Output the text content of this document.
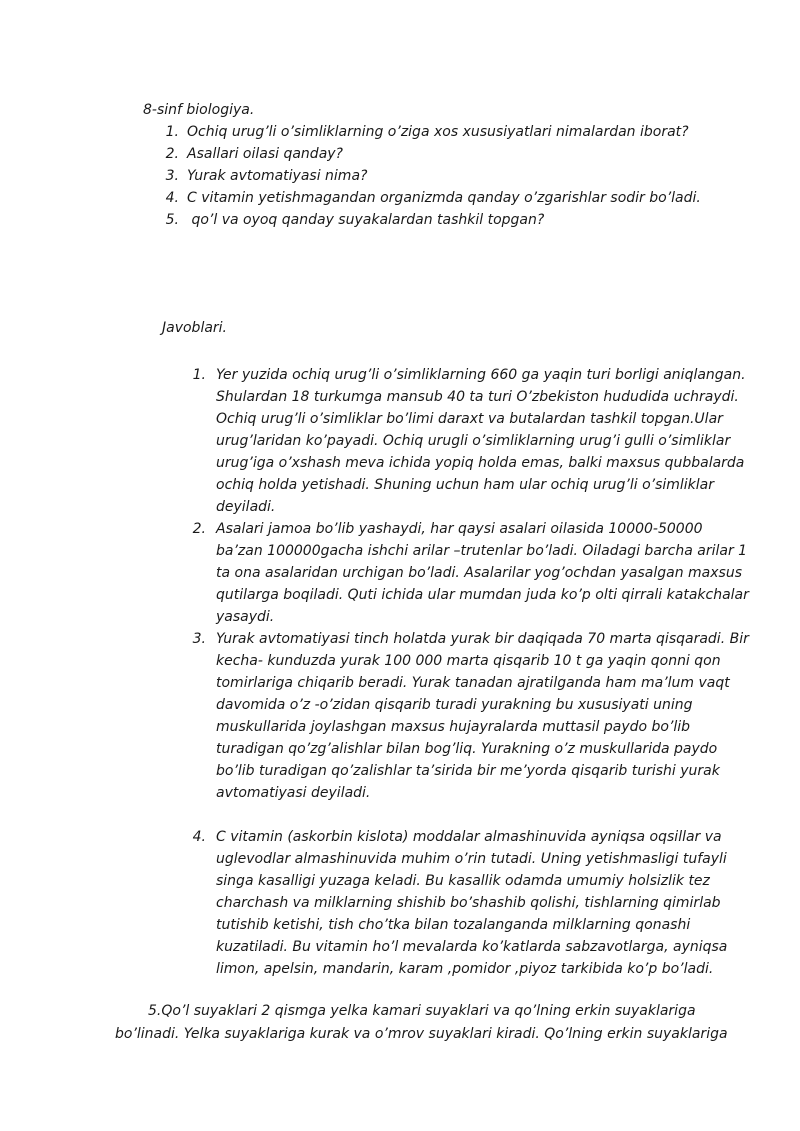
8-sinf biologiya.
1. Ochiq urug’li o’simliklarning o’ziga xos xususiyatlari nimalardan iborat?
2. Asallari oilasi qanday?
3. Yurak avtomatiyasi nima?
4. C vitamin yetishmagandan organizmda qanday o’zgarishlar sodir bo’ladi.
5. qo’l va oyoq qanday suyakalardan tashkil topgan?
Javoblari.
1. Yer yuzida ochiq urug’li o’simliklarning 660 ga yaqin turi borligi aniqlangan. Shulardan 18 turkumga mansub 40 ta turi O’zbekiston hududida uchraydi. Ochiq urug’li o’simliklar bo’limi daraxt va butalardan tashkil topgan.Ular urug’laridan ko’payadi. Ochiq urugli o’simliklarning urug’i gulli o’simliklar urug’iga o’xshash meva ichida yopiq holda emas, balki maxsus qubbalarda ochiq holda yetishadi. Shuning uchun ham ular ochiq urug’li o’simliklar deyiladi.
2. Asalari jamoa bo’lib yashaydi, har qaysi asalari oilasida 10000-50000 ba’zan 100000gacha ishchi arilar –trutenlar bo’ladi. Oiladagi barcha arilar 1 ta ona asalaridan urchigan bo’ladi. Asalarilar yog’ochdan yasalgan maxsus qutilarga boqiladi. Quti ichida ular mumdan juda ko’p olti qirrali katakchalar yasaydi.
3. Yurak avtomatiyasi tinch holatda yurak bir daqiqada 70 marta qisqaradi. Bir kecha- kunduzda yurak 100 000 marta qisqarib 10 t ga yaqin qonni qon tomirlariga chiqarib beradi. Yurak tanadan ajratilganda ham ma’lum vaqt davomida o’z -o’zidan qisqarib turadi yurakning bu xususiyati uning muskullarida joylashgan maxsus hujayralarda muttasil paydo bo’lib turadigan qo’zg’alishlar bilan bog’liq. Yurakning o’z muskullarida paydo bo’lib turadigan qo’zalishlar ta’sirida bir me’yorda qisqarib turishi yurak avtomatiyasi deyiladi.
4. C vitamin (askorbin kislota) moddalar almashinuvida ayniqsa oqsillar va uglevodlar almashinuvida muhim o’rin tutadi. Uning yetishmasligi tufayli singa kasalligi yuzaga keladi. Bu kasallik odamda umumiy holsizlik tez charchash va milklarning shishib bo’shashib qolishi, tishlarning qimirlab tutishib ketishi, tish cho’tka bilan tozalanganda milklarning qonashi kuzatiladi. Bu vitamin ho’l mevalarda ko’katlarda sabzavotlarga, ayniqsa limon, apelsin, mandarin, karam ,pomidor ,piyoz tarkibida ko’p bo’ladi.
5.Qo’l suyaklari 2 qismga yelka kamari suyaklari va qo’lning erkin suyaklariga bo’linadi. Yelka suyaklariga kurak va o’mrov suyaklari kiradi. Qo’lning erkin suyaklariga
